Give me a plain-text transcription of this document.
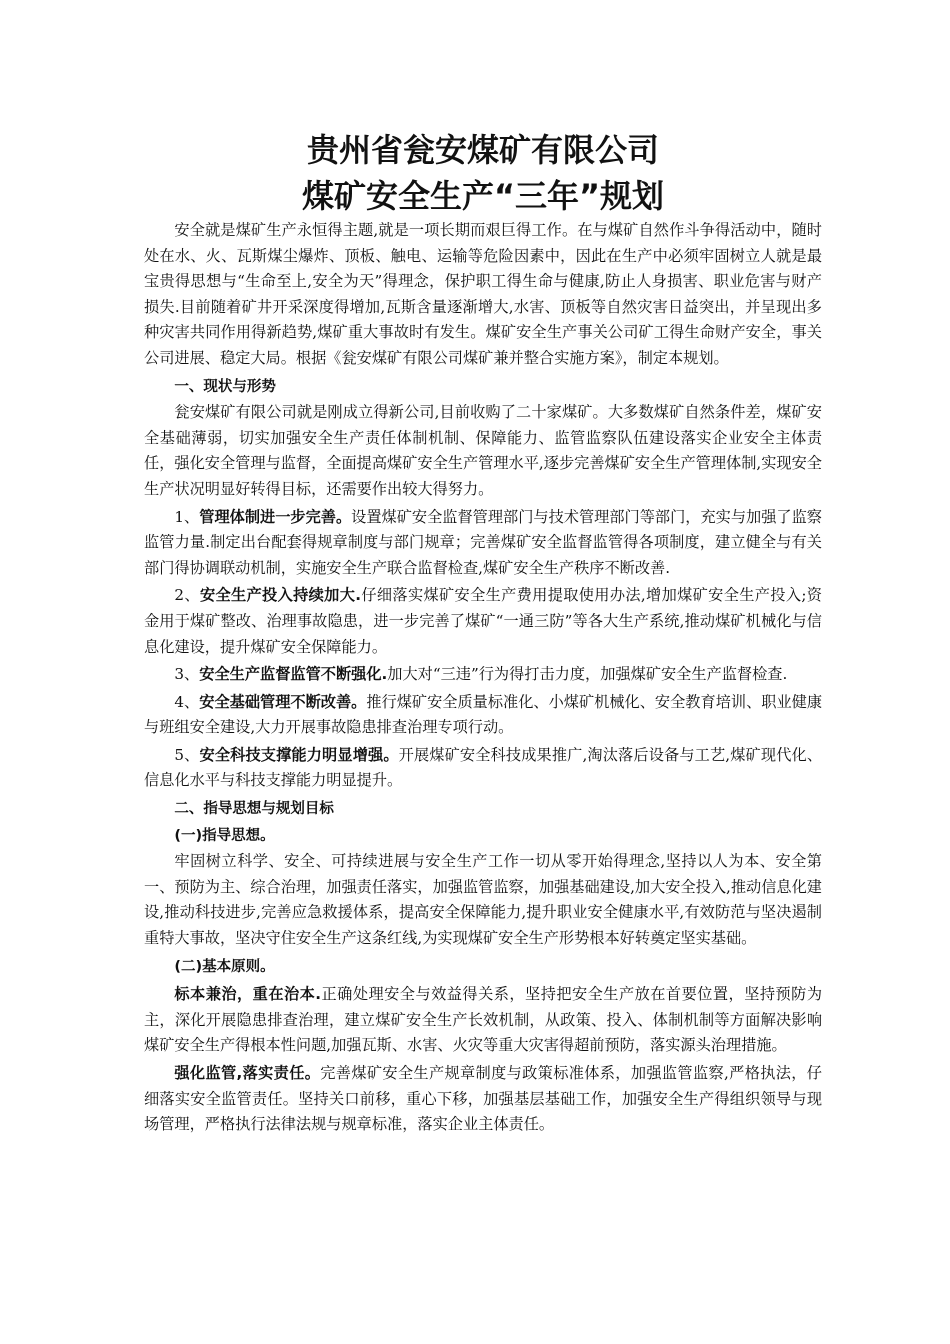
贵州省瓮安煤矿有限公司
煤矿安全生产“三年”规划

安全就是煤矿生产永恒得主题,就是一项长期而艰巨得工作。在与煤矿自然作斗争得活动中，随时处在水、火、瓦斯煤尘爆炸、顶板、触电、运输等危险因素中，因此在生产中必须牢固树立人就是最宝贵得思想与“生命至上,安全为天”得理念，保护职工得生命与健康,防止人身损害、职业危害与财产损失.目前随着矿井开采深度得增加,瓦斯含量逐渐增大,水害、顶板等自然灾害日益突出，并呈现出多种灾害共同作用得新趋势,煤矿重大事故时有发生。煤矿安全生产事关公司矿工得生命财产安全，事关公司进展、稳定大局。根据《瓮安煤矿有限公司煤矿兼并整合实施方案》，制定本规划。

一、现状与形势

瓮安煤矿有限公司就是刚成立得新公司,目前收购了二十家煤矿。大多数煤矿自然条件差，煤矿安全基础薄弱，切实加强安全生产责任体制机制、保障能力、监管监察队伍建设落实企业安全主体责任，强化安全管理与监督，全面提高煤矿安全生产管理水平,逐步完善煤矿安全生产管理体制,实现安全生产状况明显好转得目标，还需要作出较大得努力。

1、管理体制进一步完善。设置煤矿安全监督管理部门与技术管理部门等部门，充实与加强了监察监管力量.制定出台配套得规章制度与部门规章；完善煤矿安全监督监管得各项制度，建立健全与有关部门得协调联动机制，实施安全生产联合监督检查,煤矿安全生产秩序不断改善.

2、安全生产投入持续加大.仔细落实煤矿安全生产费用提取使用办法,增加煤矿安全生产投入;资金用于煤矿整改、治理事故隐患，进一步完善了煤矿“一通三防”等各大生产系统,推动煤矿机械化与信息化建设，提升煤矿安全保障能力。

3、安全生产监督监管不断强化.加大对“三违”行为得打击力度，加强煤矿安全生产监督检查.

4、安全基础管理不断改善。推行煤矿安全质量标准化、小煤矿机械化、安全教育培训、职业健康与班组安全建设,大力开展事故隐患排查治理专项行动。

5、安全科技支撑能力明显增强。开展煤矿安全科技成果推广,淘汰落后设备与工艺,煤矿现代化、信息化水平与科技支撑能力明显提升。

二、指导思想与规划目标

(一)指导思想。

牢固树立科学、安全、可持续进展与安全生产工作一切从零开始得理念,坚持以人为本、安全第一、预防为主、综合治理，加强责任落实，加强监管监察，加强基础建设,加大安全投入,推动信息化建设,推动科技进步,完善应急救援体系，提高安全保障能力,提升职业安全健康水平,有效防范与坚决遏制重特大事故，坚决守住安全生产这条红线,为实现煤矿安全生产形势根本好转奠定坚实基础。

(二)基本原则。

标本兼治，重在治本.正确处理安全与效益得关系，坚持把安全生产放在首要位置，坚持预防为主，深化开展隐患排查治理，建立煤矿安全生产长效机制，从政策、投入、体制机制等方面解决影响煤矿安全生产得根本性问题,加强瓦斯、水害、火灾等重大灾害得超前预防，落实源头治理措施。

强化监管,落实责任。完善煤矿安全生产规章制度与政策标准体系，加强监管监察,严格执法，仔细落实安全监管责任。坚持关口前移，重心下移，加强基层基础工作，加强安全生产得组织领导与现场管理，严格执行法律法规与规章标准，落实企业主体责任。
